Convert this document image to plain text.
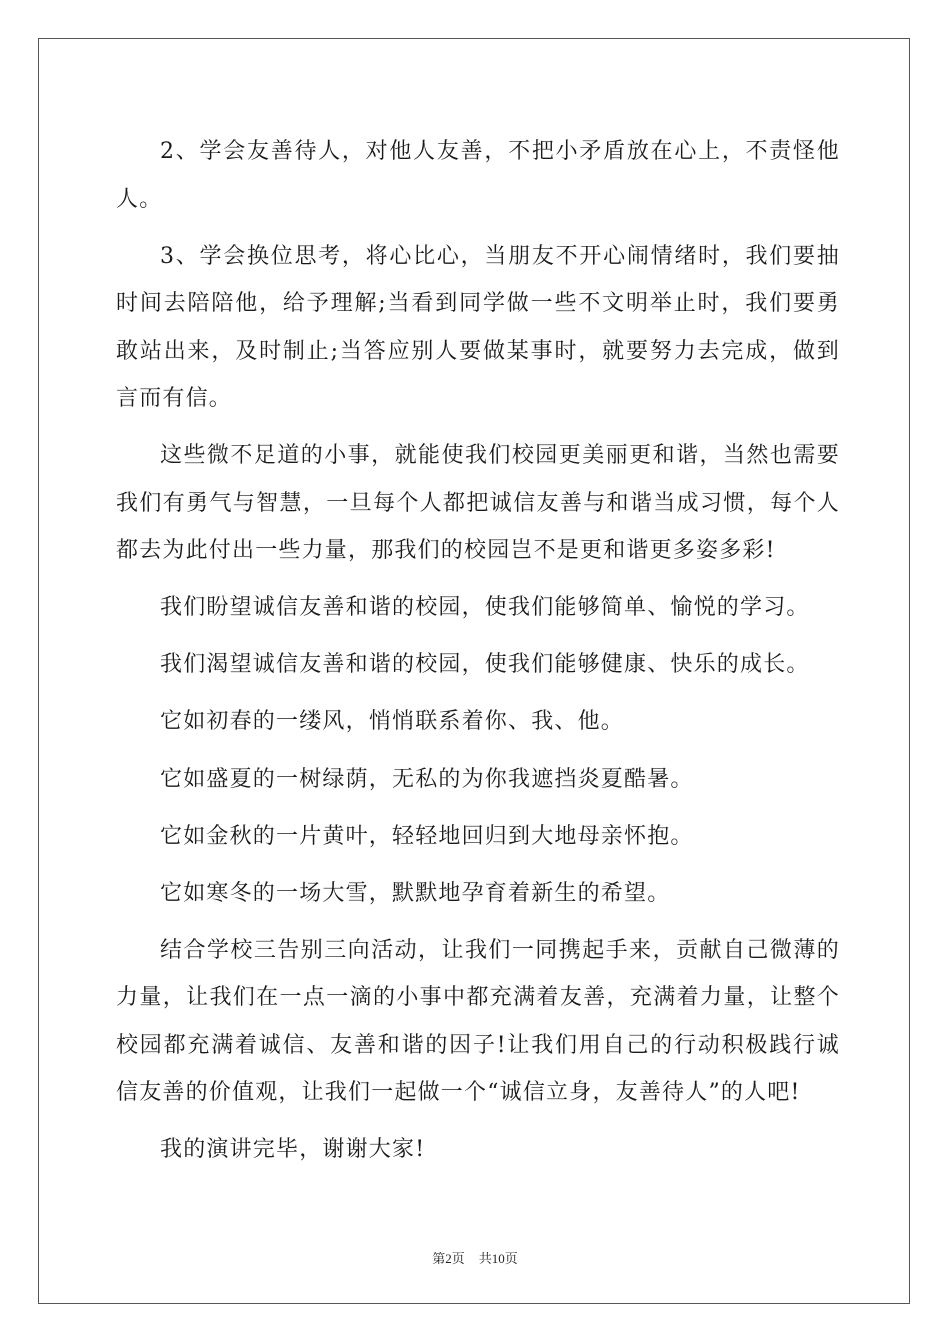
2、学会友善待人，对他人友善，不把小矛盾放在心上，不责怪他人。

3、学会换位思考，将心比心，当朋友不开心闹情绪时，我们要抽时间去陪陪他，给予理解;当看到同学做一些不文明举止时，我们要勇敢站出来，及时制止;当答应别人要做某事时，就要努力去完成，做到言而有信。

这些微不足道的小事，就能使我们校园更美丽更和谐，当然也需要我们有勇气与智慧，一旦每个人都把诚信友善与和谐当成习惯，每个人都去为此付出一些力量，那我们的校园岂不是更和谐更多姿多彩!

我们盼望诚信友善和谐的校园，使我们能够简单、愉悦的学习。

我们渴望诚信友善和谐的校园，使我们能够健康、快乐的成长。

它如初春的一缕风，悄悄联系着你、我、他。

它如盛夏的一树绿荫，无私的为你我遮挡炎夏酷暑。

它如金秋的一片黄叶，轻轻地回归到大地母亲怀抱。

它如寒冬的一场大雪，默默地孕育着新生的希望。

结合学校三告别三向活动，让我们一同携起手来，贡献自己微薄的力量，让我们在一点一滴的小事中都充满着友善，充满着力量，让整个校园都充满着诚信、友善和谐的因子!让我们用自己的行动积极践行诚信友善的价值观，让我们一起做一个“诚信立身，友善待人”的人吧!

我的演讲完毕，谢谢大家!

第2页 共10页
